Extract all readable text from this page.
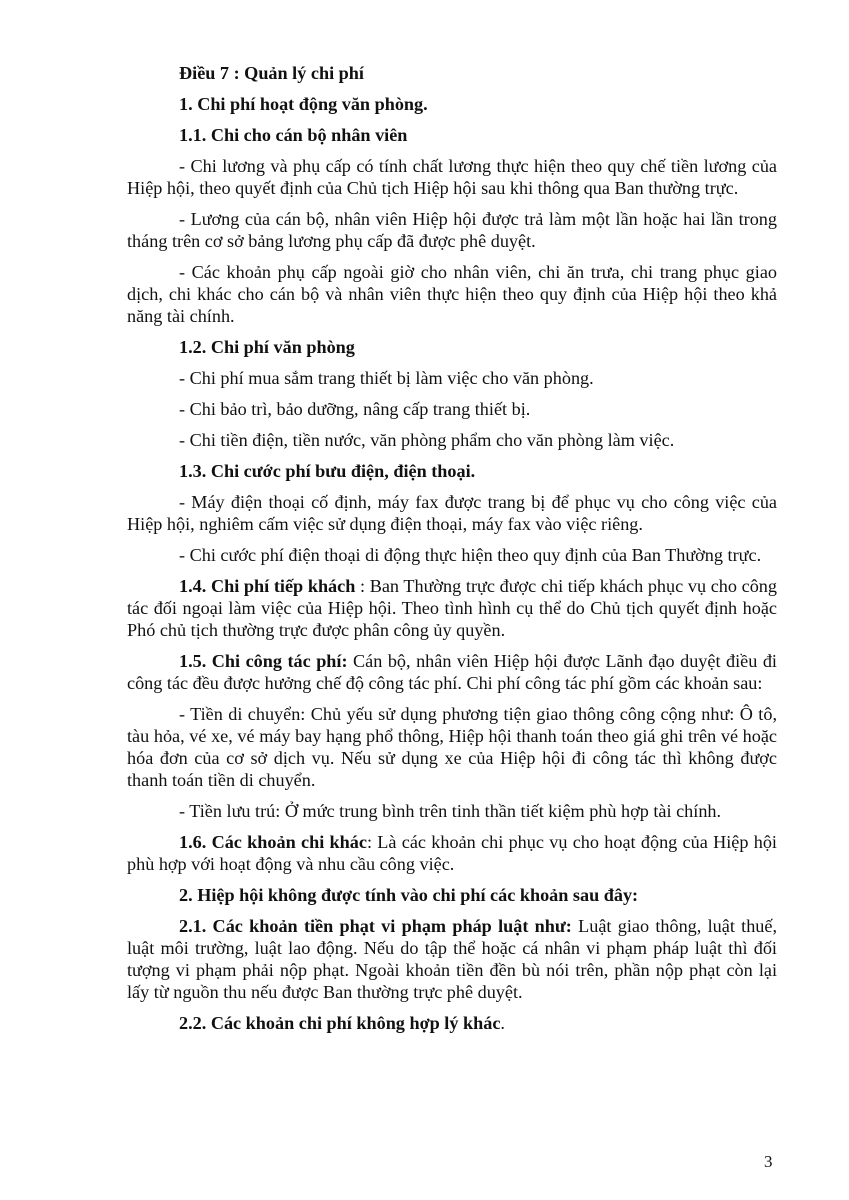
Điều 7 : Quản lý chi phí

1. Chi phí hoạt động văn phòng.

1.1. Chi cho cán bộ nhân viên

- Chi lương và phụ cấp có tính chất lương thực hiện theo quy chế tiền lương của Hiệp hội, theo quyết định của Chủ tịch Hiệp hội sau khi thông qua Ban thường trực.

- Lương của cán bộ, nhân viên Hiệp hội được trả làm một lần hoặc hai lần trong tháng trên cơ sở bảng lương phụ cấp đã được phê duyệt.

- Các khoản phụ cấp ngoài giờ cho nhân viên, chi ăn trưa, chi trang phục giao dịch, chi khác cho cán bộ và nhân viên thực hiện theo quy định của Hiệp hội theo khả năng tài chính.

1.2. Chi phí văn phòng

- Chi phí mua sắm trang thiết bị làm việc cho văn phòng.

- Chi bảo trì, bảo dưỡng, nâng cấp trang thiết bị.

- Chi tiền điện, tiền nước, văn phòng phẩm cho văn phòng làm việc.

1.3. Chi cước phí bưu điện, điện thoại.

- Máy điện thoại cố định, máy fax được trang bị để phục vụ cho công việc của Hiệp hội, nghiêm cấm việc sử dụng điện thoại, máy fax vào việc riêng.

- Chi cước phí điện thoại di động thực hiện theo quy định của Ban Thường trực.

1.4. Chi phí tiếp khách : Ban Thường trực được chi tiếp khách phục vụ cho công tác đối ngoại làm việc của Hiệp hội. Theo tình hình cụ thể do Chủ tịch quyết định hoặc Phó chủ tịch thường trực được phân công ủy quyền.

1.5. Chi công tác phí: Cán bộ, nhân viên Hiệp hội được Lãnh đạo duyệt điều đi công tác đều được hưởng chế độ công tác phí. Chi phí công tác phí gồm các khoản sau:

- Tiền di chuyển: Chủ yếu sử dụng phương tiện giao thông công cộng như: Ô tô, tàu hỏa, vé xe, vé máy bay hạng phổ thông, Hiệp hội thanh toán theo giá ghi trên vé hoặc hóa đơn của cơ sở dịch vụ. Nếu sử dụng xe của Hiệp hội đi công tác thì không được thanh toán tiền di chuyển.

- Tiền lưu trú: Ở mức trung bình trên tinh thần tiết kiệm phù hợp tài chính.

1.6. Các khoản chi khác: Là các khoản chi phục vụ cho hoạt động của Hiệp hội phù hợp với hoạt động và nhu cầu công việc.

2. Hiệp hội không được tính vào chi phí các khoản sau đây:

2.1. Các khoản tiền phạt vi phạm pháp luật như: Luật giao thông, luật thuế, luật môi trường, luật lao động. Nếu do tập thể hoặc cá nhân vi phạm pháp luật thì đối tượng vi phạm phải nộp phạt. Ngoài khoản tiền đền bù nói trên, phần nộp phạt còn lại lấy từ nguồn thu nếu được Ban thường trực phê duyệt.

2.2. Các khoản chi phí không hợp lý khác.

3
